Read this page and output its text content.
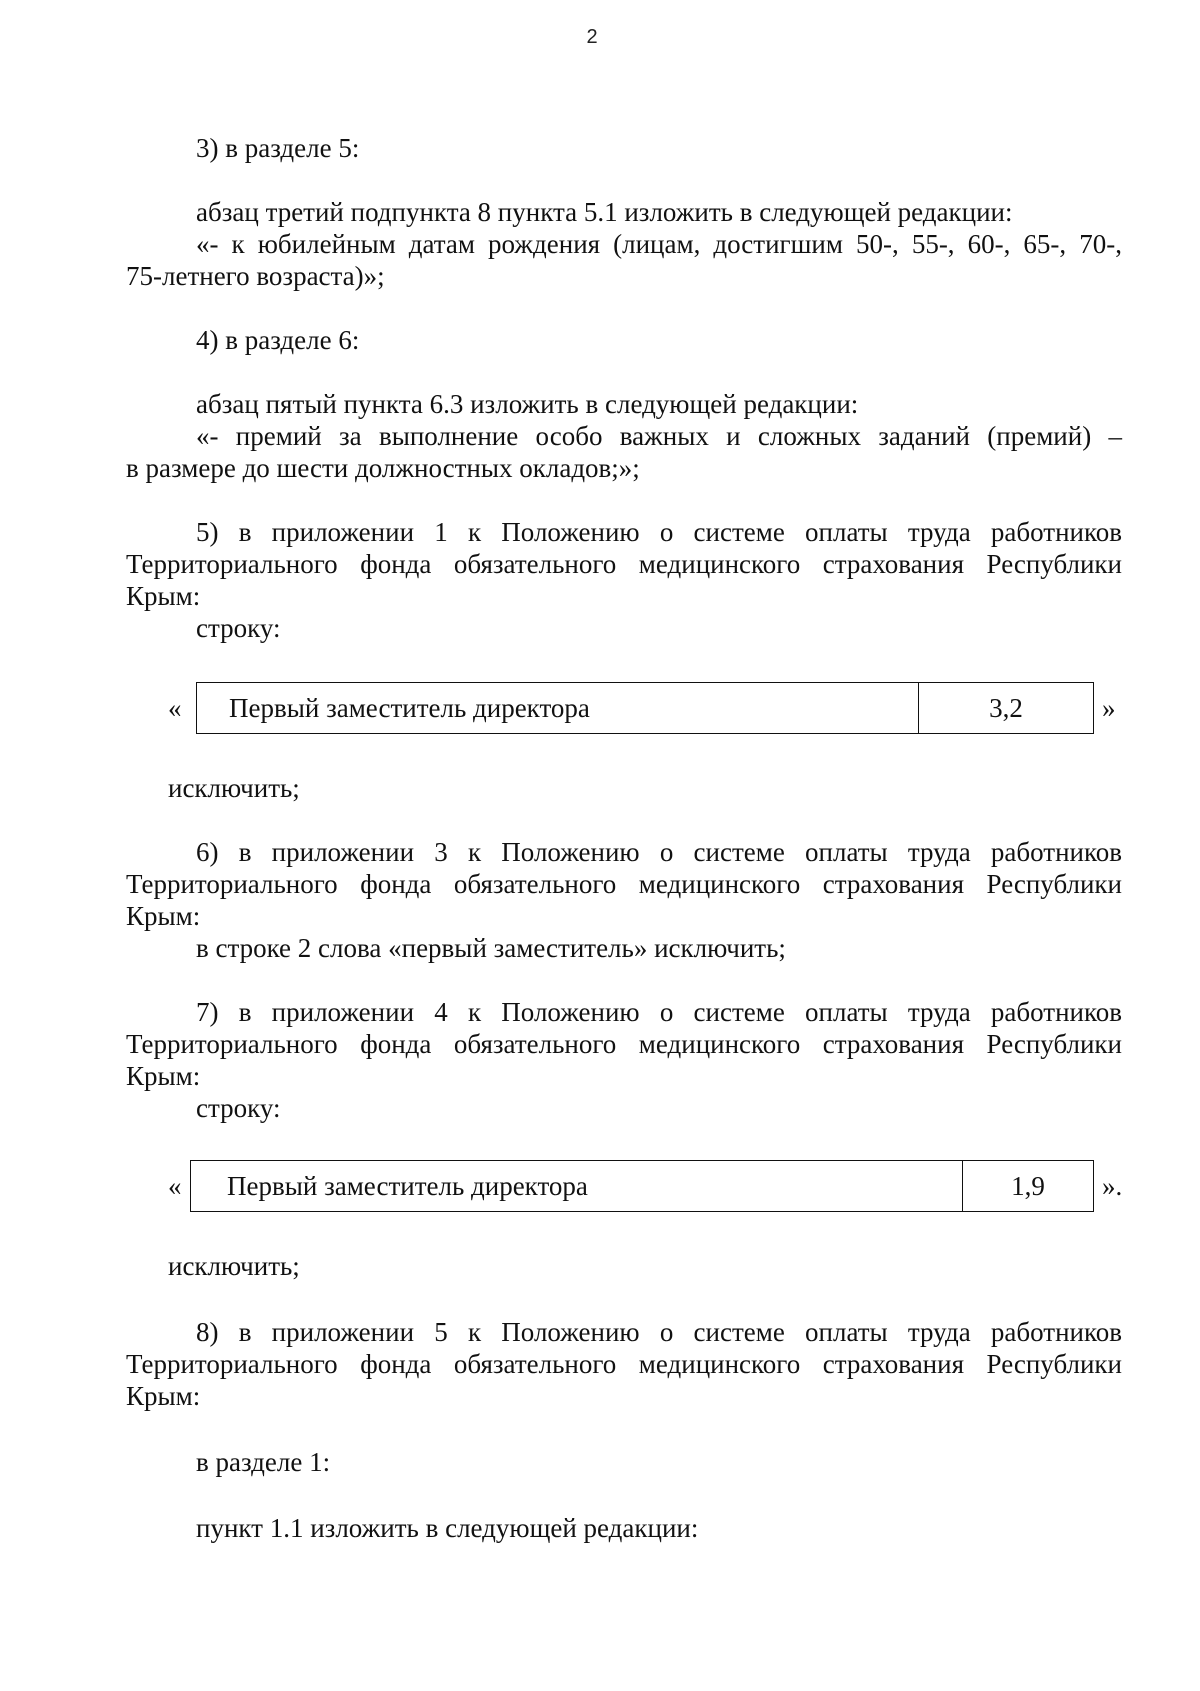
2
3) в разделе 5:
абзац третий подпункта 8 пункта 5.1 изложить в следующей редакции:
«- к юбилейным датам рождения (лицам, достигшим 50-, 55-, 60-, 65-, 70-,
75-летнего возраста)»;
4) в разделе 6:
абзац пятый пункта 6.3 изложить в следующей редакции:
«- премий за выполнение особо важных и сложных заданий (премий) –
в размере до шести должностных окладов;»;
5) в приложении 1 к Положению о системе оплаты труда работников
Территориального фонда обязательного медицинского страхования Республики
Крым:
строку:
«	Первый заместитель директора	3,2	»
исключить;
6) в приложении 3 к Положению о системе оплаты труда работников
Территориального фонда обязательного медицинского страхования Республики
Крым:
в строке 2 слова «первый заместитель» исключить;
7) в приложении 4 к Положению о системе оплаты труда работников
Территориального фонда обязательного медицинского страхования Республики
Крым:
строку:
«	Первый заместитель директора	1,9	».
исключить;
8) в приложении 5 к Положению о системе оплаты труда работников
Территориального фонда обязательного медицинского страхования Республики
Крым:
в разделе 1:
пункт 1.1 изложить в следующей редакции:
